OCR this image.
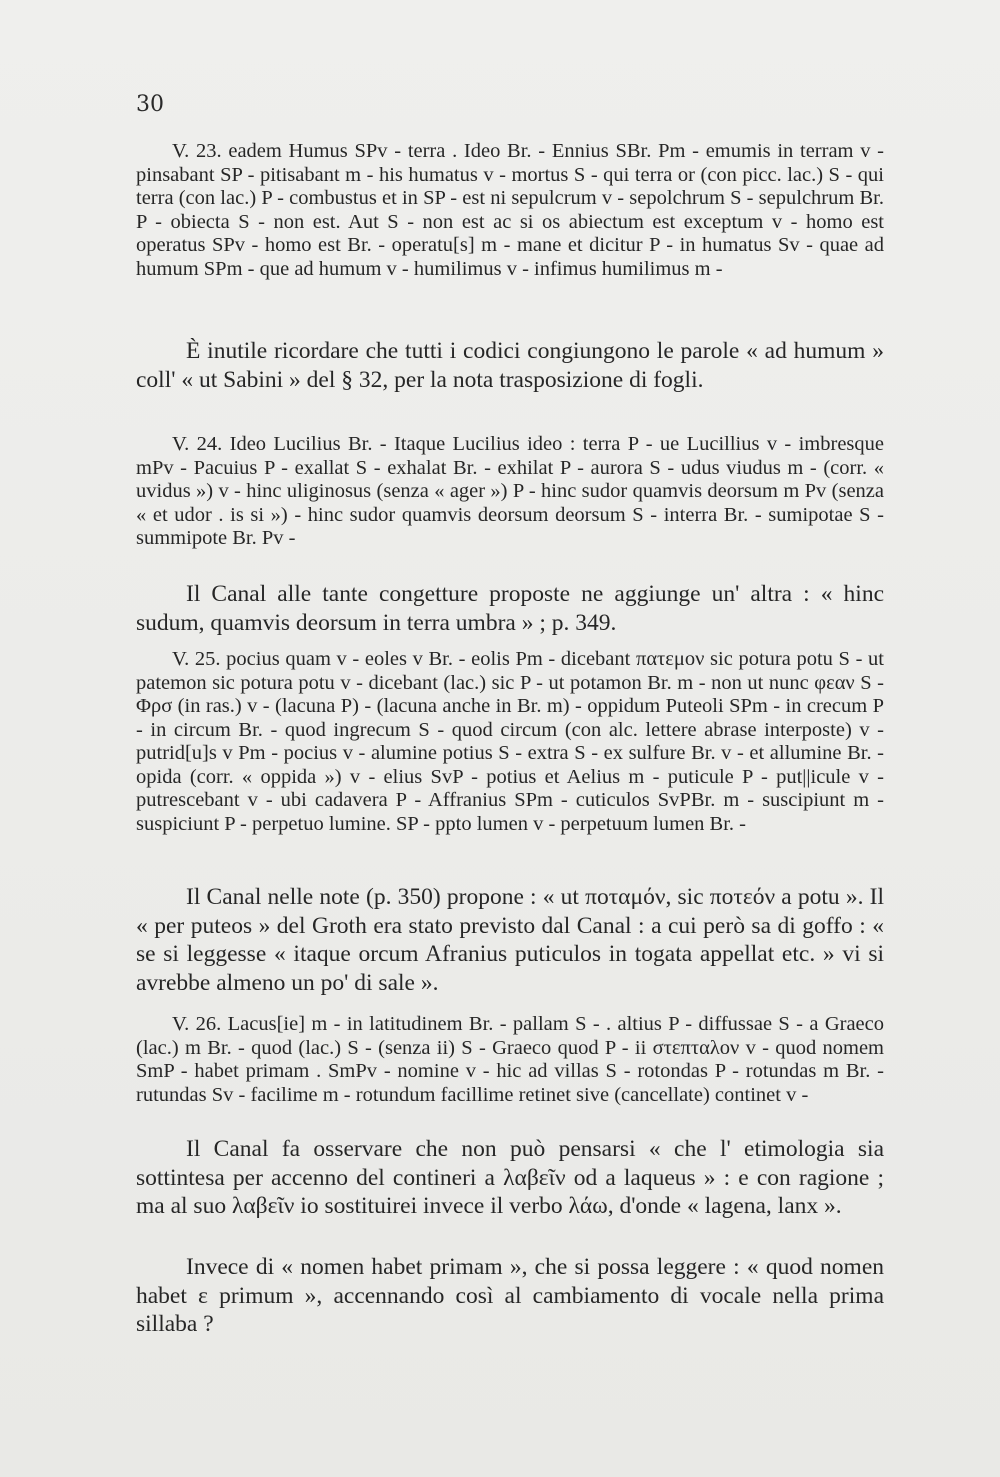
30

V. 23. eadem Humus SPv - terra . Ideo Br. - Ennius SBr. Pm - emumis in terram v - pinsabant SP - pitisabant m - his humatus v - mortus S - qui terra or (con picc. lac.) S - qui terra (con lac.) P - combustus et in SP - est ni sepulcrum v - sepolchrum S - sepulchrum Br. P - obiecta S - non est. Aut S - non est ac si os abiectum est exceptum v - homo est operatus SPv - homo est Br. - operatu[s] m - mane et dicitur P - in humatus Sv - quae ad humum SPm - que ad humum v - humilimus v - infimus humilimus m -

È inutile ricordare che tutti i codici congiungono le parole « ad humum » coll' « ut Sabini » del § 32, per la nota trasposizione di fogli.

V. 24. Ideo Lucilius Br. - Itaque Lucilius ideo : terra P - ue Lucillius v - imbresque mPv - Pacuius P - exallat S - exhalat Br. - exhilat P - aurora S - udus viudus m - (corr. « uvidus ») v - hinc uliginosus (senza « ager ») P - hinc sudor quamvis deorsum m Pv (senza « et udor . is si ») - hinc sudor quamvis deorsum deorsum S - interra Br. - sumipotae S - summipote Br. Pv -

Il Canal alle tante congetture proposte ne aggiunge un' altra : « hinc sudum, quamvis deorsum in terra umbra » ; p. 349.

V. 25. pocius quam v - eoles v Br. - eolis Pm - dicebant πατεμον sic potura potu S - ut patemon sic potura potu v - dicebant (lac.) sic P - ut potamon Br. m - non ut nunc φεαν S - Φρσ (in ras.) v - (lacuna P) - (lacuna anche in Br. m) - oppidum Puteoli SPm - in crecum P - in circum Br. - quod ingrecum S - quod circum (con alc. lettere abrase interposte) v - putrid[u]s v Pm - pocius v - alumine potius S - extra S - ex sulfure Br. v - et allumine Br. - opida (corr. « oppida ») v - elius SvP - potius et Aelius m - puticule P - put||icule v - putrescebant v - ubi cadavera P - Affranius SPm - cuticulos SvPBr. m - suscipiunt m - suspiciunt P - perpetuo lumine. SP - ppto lumen v - perpetuum lumen Br. -

Il Canal nelle note (p. 350) propone : « ut ποταμόν, sic ποτεόν a potu ». Il « per puteos » del Groth era stato previsto dal Canal : a cui però sa di goffo : « se si leggesse « itaque orcum Afranius puticulos in togata appellat etc. » vi si avrebbe almeno un po' di sale ».

V. 26. Lacus[ie] m - in latitudinem Br. - pallam S - . altius P - diffussae S - a Graeco (lac.) m Br. - quod (lac.) S - (senza ii) S - Graeco quod P - ii στεπταλον v - quod nomem SmP - habet primam . SmPv - nomine v - hic ad villas S - rotondas P - rotundas m Br. - rutundas Sv - facilime m - rotundum facillime retinet sive (cancellate) continet v -

Il Canal fa osservare che non può pensarsi « che l' etimologia sia sottintesa per accenno del contineri a λαβεῖν od a laqueus » : e con ragione ; ma al suo λαβεῖν io sostituirei invece il verbo λάω, d'onde « lagena, lanx ».

Invece di « nomen habet primam », che si possa leggere : « quod nomen habet ε primum », accennando così al cambiamento di vocale nella prima sillaba ?
